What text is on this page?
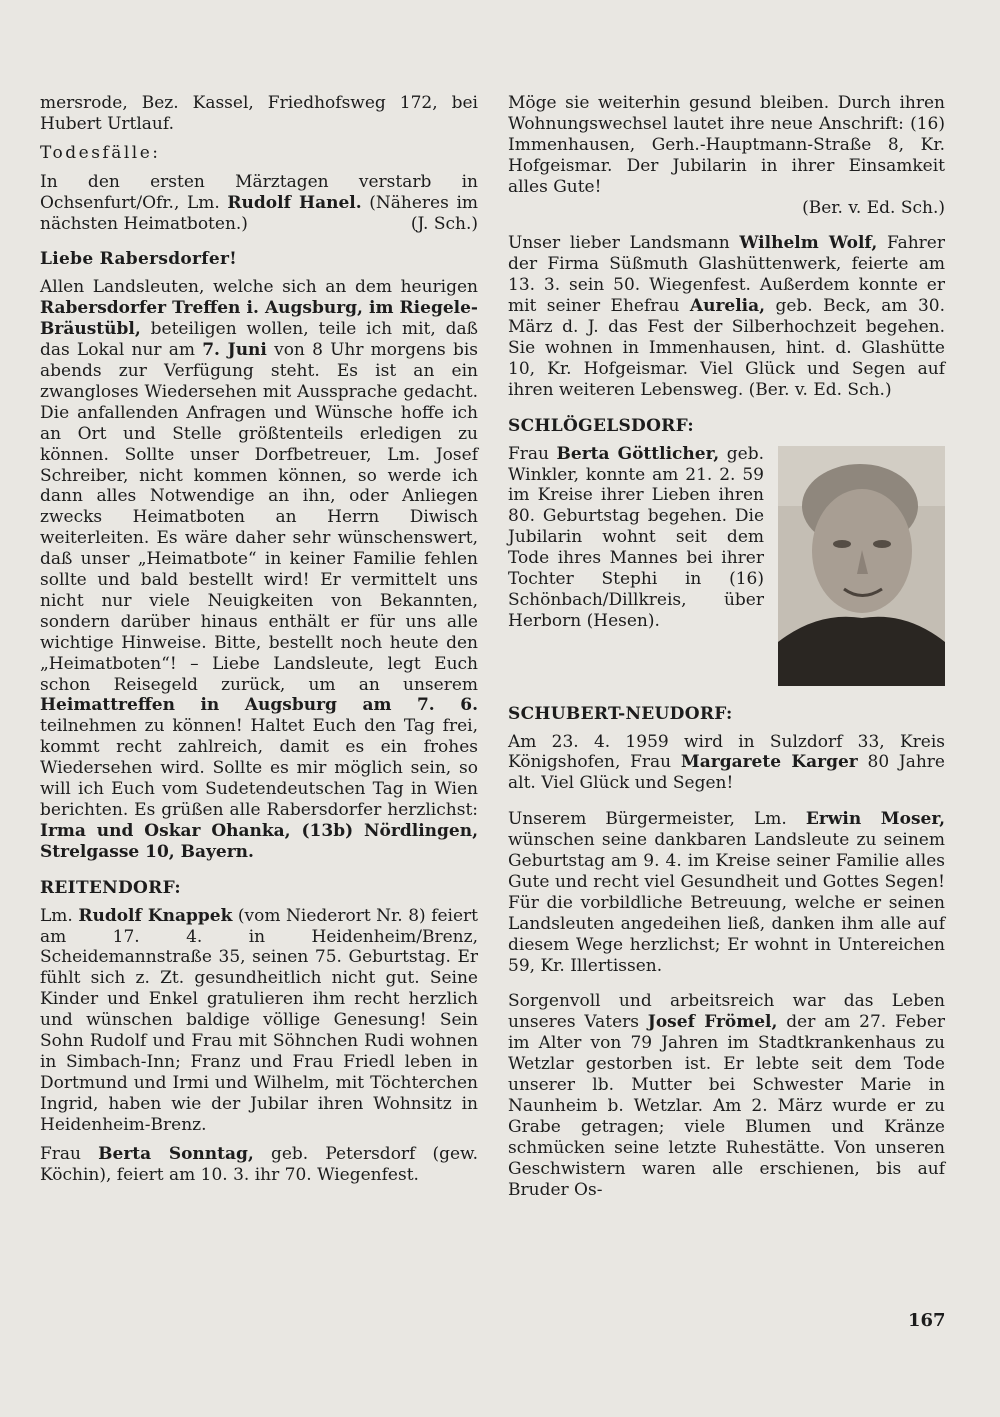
mersrode, Bez. Kassel, Friedhofsweg 172, bei Hubert Urtlauf.

Todesfälle:

In den ersten Märztagen verstarb in Ochsenfurt/Ofr., Lm. Rudolf Hanel. (Näheres im nächsten Heimatboten.)	(J. Sch.)

Liebe Rabersdorfer!

Allen Landsleuten, welche sich an dem heurigen Rabersdorfer Treffen i. Augsburg, im Riegele-Bräustübl, beteiligen wollen, teile ich mit, daß das Lokal nur am 7. Juni von 8 Uhr morgens bis abends zur Verfügung steht. Es ist an ein zwangloses Wiedersehen mit Aussprache gedacht. Die anfallenden Anfragen und Wünsche hoffe ich an Ort und Stelle größtenteils erledigen zu können. Sollte unser Dorfbetreuer, Lm. Josef Schreiber, nicht kommen können, so werde ich dann alles Notwendige an ihn, oder Anliegen zwecks Heimatboten an Herrn Diwisch weiterleiten. Es wäre daher sehr wünschenswert, daß unser „Heimatbote“ in keiner Familie fehlen sollte und bald bestellt wird! Er vermittelt uns nicht nur viele Neuigkeiten von Bekannten, sondern darüber hinaus enthält er für uns alle wichtige Hinweise. Bitte, bestellt noch heute den „Heimatboten“! – Liebe Landsleute, legt Euch schon Reisegeld zurück, um an unserem Heimattreffen in Augsburg am 7. 6. teilnehmen zu können! Haltet Euch den Tag frei, kommt recht zahlreich, damit es ein frohes Wiedersehen wird. Sollte es mir möglich sein, so will ich Euch vom Sudetendeutschen Tag in Wien berichten. Es grüßen alle Rabersdorfer herzlichst: Irma und Oskar Ohanka, (13b) Nördlingen, Strelgasse 10, Bayern.

REITENDORF:

Lm. Rudolf Knappek (vom Niederort Nr. 8) feiert am 17. 4. in Heidenheim/Brenz, Scheidemannstraße 35, seinen 75. Geburtstag. Er fühlt sich z. Zt. gesundheitlich nicht gut. Seine Kinder und Enkel gratulieren ihm recht herzlich und wünschen baldige völlige Genesung! Sein Sohn Rudolf und Frau mit Söhnchen Rudi wohnen in Simbach-Inn; Franz und Frau Friedl leben in Dortmund und Irmi und Wilhelm, mit Töchterchen Ingrid, haben wie der Jubilar ihren Wohnsitz in Heidenheim-Brenz.

Frau Berta Sonntag, geb. Petersdorf (gew. Köchin), feiert am 10. 3. ihr 70. Wiegenfest.

Möge sie weiterhin gesund bleiben. Durch ihren Wohnungswechsel lautet ihre neue Anschrift: (16) Immenhausen, Gerh.-Hauptmann-Straße 8, Kr. Hofgeismar. Der Jubilarin in ihrer Einsamkeit alles Gute!
(Ber. v. Ed. Sch.)

Unser lieber Landsmann Wilhelm Wolf, Fahrer der Firma Süßmuth Glashüttenwerk, feierte am 13. 3. sein 50. Wiegenfest. Außerdem konnte er mit seiner Ehefrau Aurelia, geb. Beck, am 30. März d. J. das Fest der Silberhochzeit begehen. Sie wohnen in Immenhausen, hint. d. Glashütte 10, Kr. Hofgeismar. Viel Glück und Segen auf ihren weiteren Lebensweg. (Ber. v. Ed. Sch.)

SCHLÖGELSDORF:

Frau Berta Göttlicher, geb. Winkler, konnte am 21. 2. 59 im Kreise ihrer Lieben ihren 80. Geburtstag begehen. Die Jubilarin wohnt seit dem Tode ihres Mannes bei ihrer Tochter Stephi in (16) Schönbach/Dillkreis, über Herborn (Hesen).

SCHUBERT-NEUDORF:

Am 23. 4. 1959 wird in Sulzdorf 33, Kreis Königshofen, Frau Margarete Karger 80 Jahre alt. Viel Glück und Segen!

Unserem Bürgermeister, Lm. Erwin Moser, wünschen seine dankbaren Landsleute zu seinem Geburtstag am 9. 4. im Kreise seiner Familie alles Gute und recht viel Gesundheit und Gottes Segen! Für die vorbildliche Betreuung, welche er seinen Landsleuten angedeihen ließ, danken ihm alle auf diesem Wege herzlichst; Er wohnt in Untereichen 59, Kr. Illertissen.

Sorgenvoll und arbeitsreich war das Leben unseres Vaters Josef Frömel, der am 27. Feber im Alter von 79 Jahren im Stadtkrankenhaus zu Wetzlar gestorben ist. Er lebte seit dem Tode unserer lb. Mutter bei Schwester Marie in Naunheim b. Wetzlar. Am 2. März wurde er zu Grabe getragen; viele Blumen und Kränze schmücken seine letzte Ruhestätte. Von unseren Geschwistern waren alle erschienen, bis auf Bruder Os-

167
